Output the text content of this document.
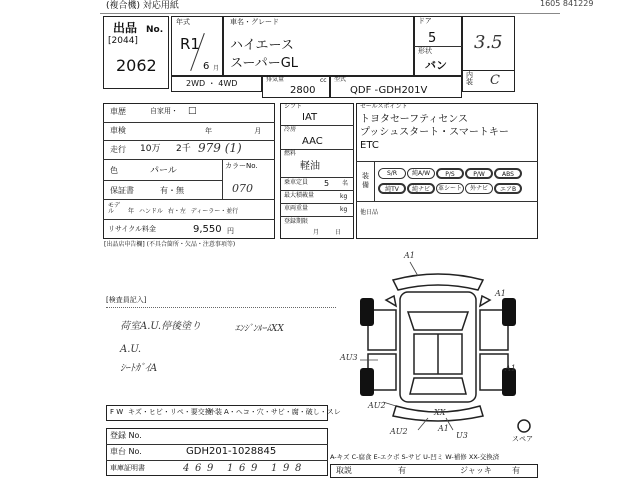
(複合機) 対応用紙	1605 841229
出品 No.
[2044]
2062
年式
R1
6 月
車名・グレード
ハイエース
スーパーGL
ドア
5
形状
バン
3.5
内装 C
2WD ・ 4WD	排気量
2800
cc 型式
QDF -GDH201V
車歴	自家用・ □
車検	年 月
走行 10万 2千 979 (1)
色	パール	カラーNo.
保証書	有・無	070
モデル	年 ハンドル 右・左 ディーラー・並行
リサイクル料金	9,550 円
[出品店申告欄] (不具合箇所・欠品・注意事項等)
シフト
IAT
冷房
AAC
燃料
軽油
乗車定員 5 名
最大積載量	kg
車両重量	kg
登録期限
月 日
セールスポイント
トヨタセーフティセンス
プッシュスタート・スマートキー
ETC
装備
S/R	純A/W	P/S	P/W	ABS
純TV	純ナビ	革シート	外ナビ	エアB
他日品
[検査員記入]
荷室A.U.停後塗り
A.U.
ｼｰﾄｶﾞｲA
ｴﾝｼﾞﾝﾙｰﾑXX
A1
A1
AU3
A1
AU2
A1
U3
XX
AU2
スペア
F W キズ・ヒビ・リペ・要交換
外装 A・ヘコ・穴・サビ・腐・破し・スレ
登録 No.
車台 No.	GDH201-1028845
車庫証明書	4 6 9 1 6 9 1 9 8
A-キズ C-腐食 E-エクボ S-サビ U-凹ミ W-補修 XX-交換済
取説	有	ジャッキ	有
